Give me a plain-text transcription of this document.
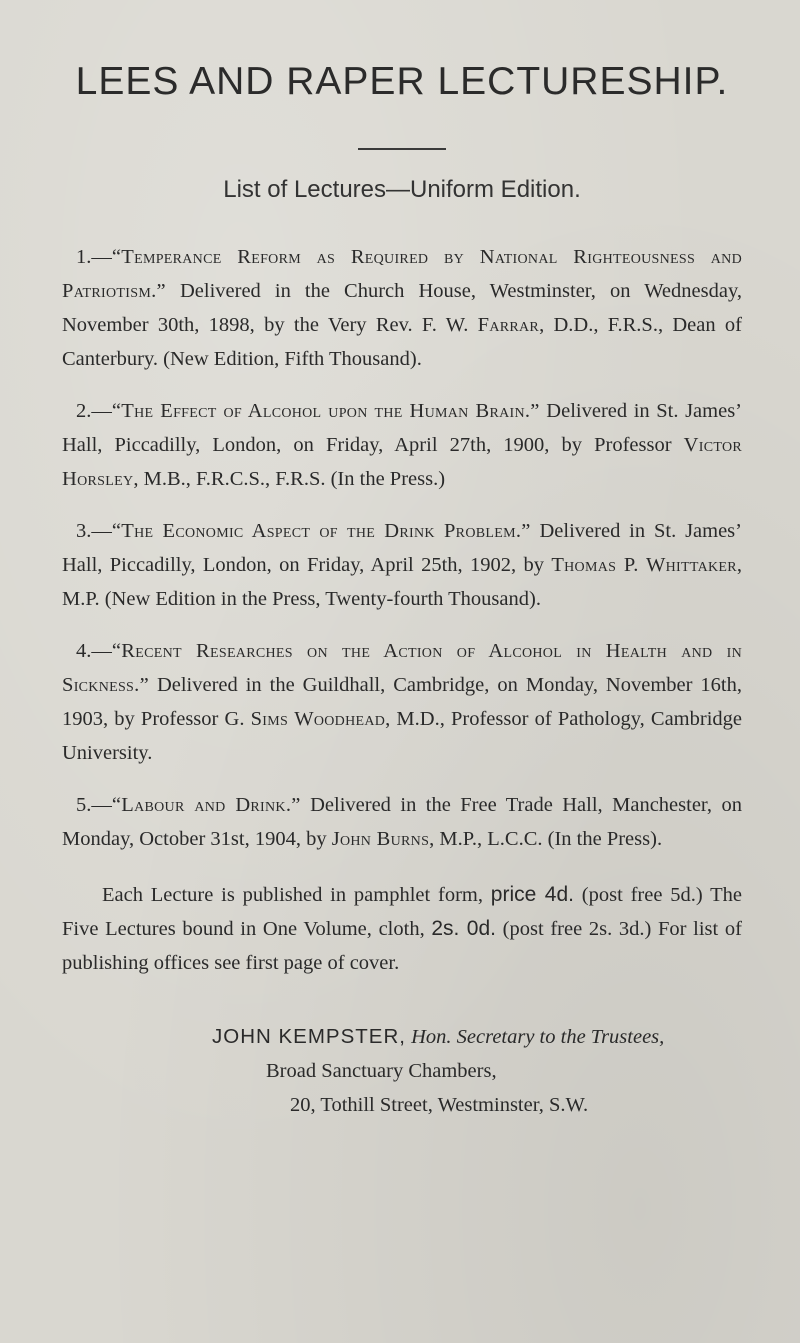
LEES AND RAPER LECTURESHIP.

List of Lectures—Uniform Edition.

1.—“Temperance Reform as Required by National Righteousness and Patriotism.” Delivered in the Church House, Westminster, on Wednesday, November 30th, 1898, by the Very Rev. F. W. Farrar, D.D., F.R.S., Dean of Canterbury. (New Edition, Fifth Thousand).

2.—“The Effect of Alcohol upon the Human Brain.” Delivered in St. James’ Hall, Piccadilly, London, on Friday, April 27th, 1900, by Professor Victor Horsley, M.B., F.R.C.S., F.R.S. (In the Press.)

3.—“The Economic Aspect of the Drink Problem.” Delivered in St. James’ Hall, Piccadilly, London, on Friday, April 25th, 1902, by Thomas P. Whittaker, M.P. (New Edition in the Press, Twenty-fourth Thousand).

4.—“Recent Researches on the Action of Alcohol in Health and in Sickness.” Delivered in the Guildhall, Cambridge, on Monday, November 16th, 1903, by Professor G. Sims Woodhead, M.D., Professor of Pathology, Cambridge University.

5.—“Labour and Drink.” Delivered in the Free Trade Hall, Manchester, on Monday, October 31st, 1904, by John Burns, M.P., L.C.C. (In the Press).

Each Lecture is published in pamphlet form, price 4d. (post free 5d.) The Five Lectures bound in One Volume, cloth, 2s. 0d. (post free 2s. 3d.) For list of publishing offices see first page of cover.

JOHN KEMPSTER, Hon. Secretary to the Trustees,
Broad Sanctuary Chambers,
20, Tothill Street, Westminster, S.W.
